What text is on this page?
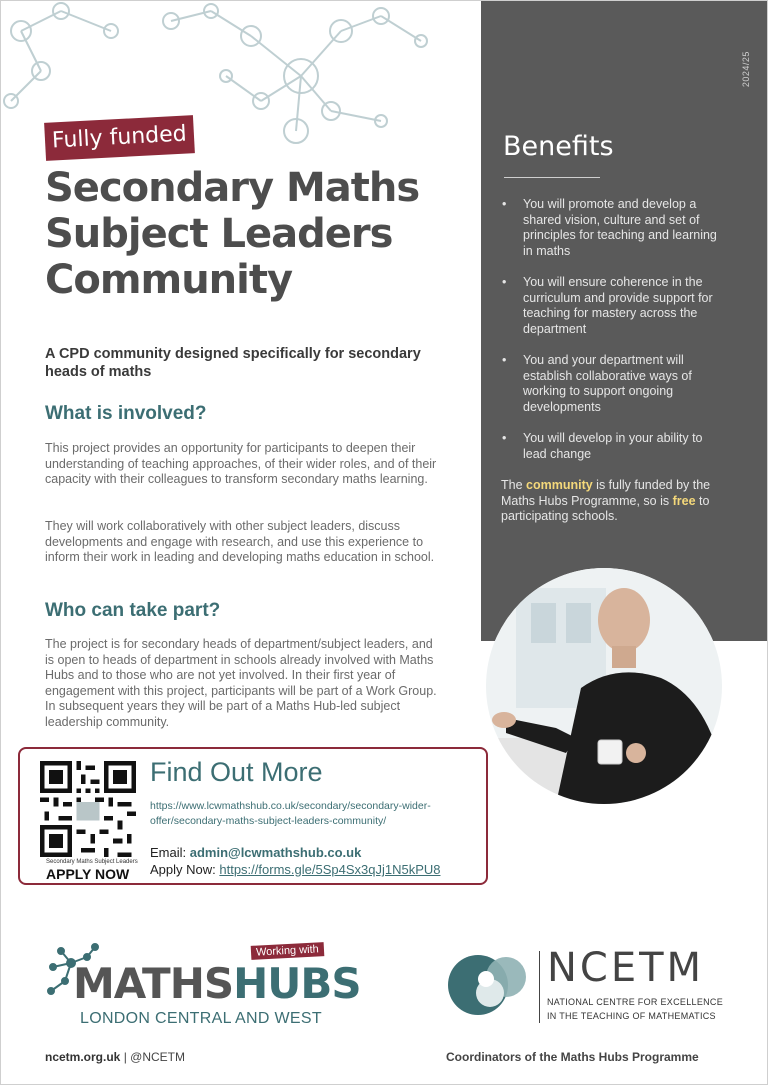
2024/25
Benefits
• You will promote and develop a shared vision, culture and set of principles for teaching and learning in maths
• You will ensure coherence in the curriculum and provide support for teaching for mastery across the department
• You and your department will establish collaborative ways of working to support ongoing developments
• You will develop in your ability to lead change
The community is fully funded by the Maths Hubs Programme, so is free to participating schools.
Fully funded
Secondary Maths Subject Leaders Community
A CPD community designed specifically for secondary heads of maths
What is involved?
This project provides an opportunity for participants to deepen their understanding of teaching approaches, of their wider roles, and of their capacity with their colleagues to transform secondary maths learning.
They will work collaboratively with other subject leaders, discuss developments and engage with research, and use this experience to inform their work in leading and developing maths education in school.
Who can take part?
The project is for secondary heads of department/subject leaders, and is open to heads of department in schools already involved with Maths Hubs and to those who are not yet involved. In their first year of engagement with this project, participants will be part of a Work Group. In subsequent years they will be part of a Maths Hub-led subject leadership community.
Secondary Maths Subject Leaders
APPLY NOW
Find Out More
https://www.lcwmathshub.co.uk/secondary/secondary-wider-offer/secondary-maths-subject-leaders-community/
Email: admin@lcwmathshub.co.uk
Apply Now: https://forms.gle/5Sp4Sx3qJj1N5kPU8
Working with
MATHSHUBS
LONDON CENTRAL AND WEST
NCETM
NATIONAL CENTRE FOR EXCELLENCE
IN THE TEACHING OF MATHEMATICS
ncetm.org.uk | @NCETM	Coordinators of the Maths Hubs Programme
